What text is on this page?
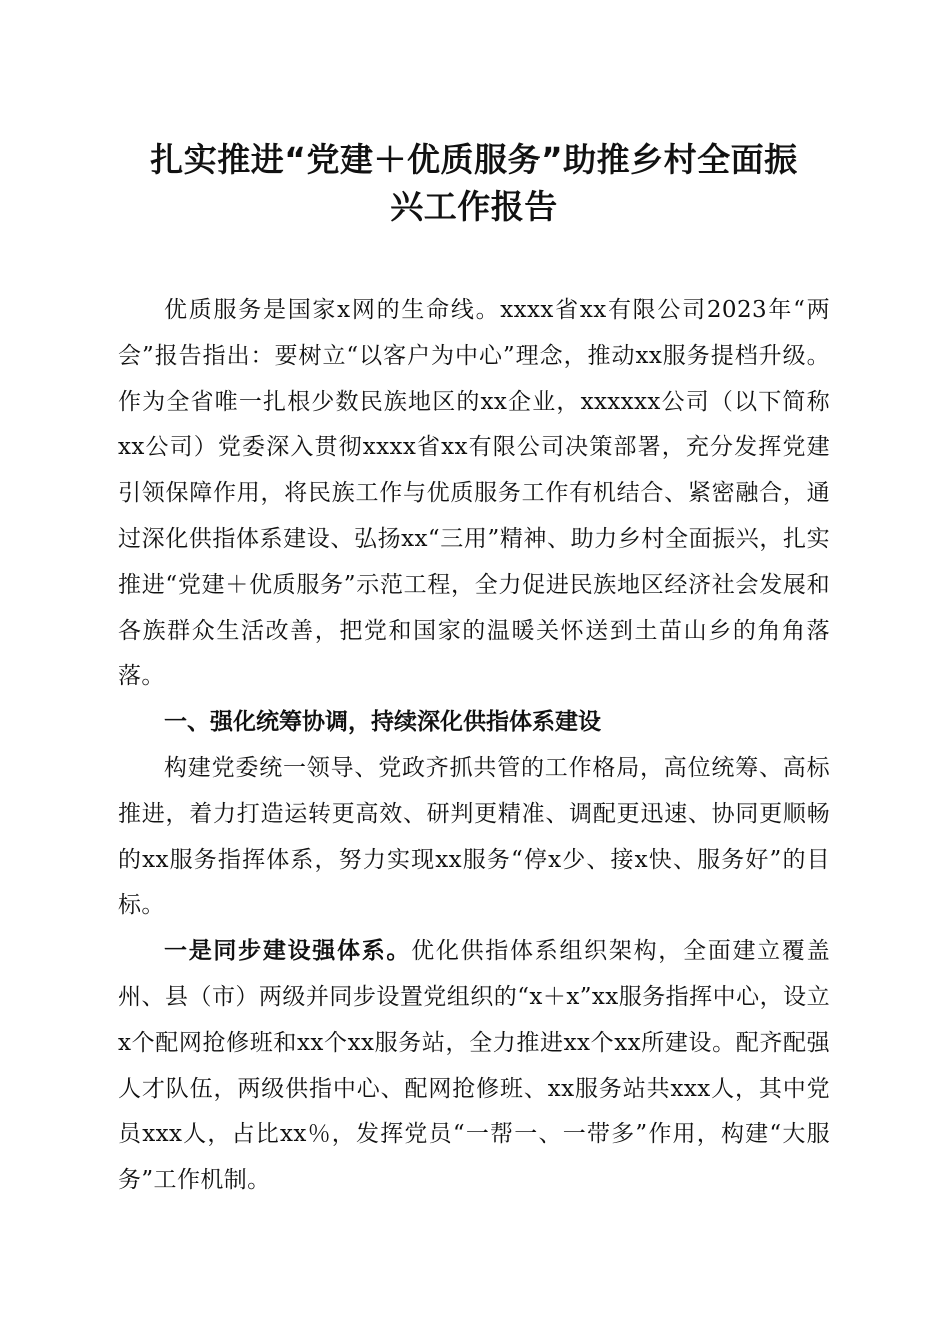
扎实推进“党建＋优质服务”助推乡村全面振
兴工作报告

优质服务是国家x网的生命线。xxxx省xx有限公司2023年“两会”报告指出：要树立“以客户为中心”理念，推动xx服务提档升级。作为全省唯一扎根少数民族地区的xx企业，xxxxxx公司（以下简称xx公司）党委深入贯彻xxxx省xx有限公司决策部署，充分发挥党建引领保障作用，将民族工作与优质服务工作有机结合、紧密融合，通过深化供指体系建设、弘扬xx“三用”精神、助力乡村全面振兴，扎实推进“党建＋优质服务”示范工程，全力促进民族地区经济社会发展和各族群众生活改善，把党和国家的温暖关怀送到土苗山乡的角角落落。

一、强化统筹协调，持续深化供指体系建设

构建党委统一领导、党政齐抓共管的工作格局，高位统筹、高标推进，着力打造运转更高效、研判更精准、调配更迅速、协同更顺畅的xx服务指挥体系，努力实现xx服务“停x少、接x快、服务好”的目标。

一是同步建设强体系。优化供指体系组织架构，全面建立覆盖州、县（市）两级并同步设置党组织的“x＋x”xx服务指挥中心，设立x个配网抢修班和xx个xx服务站，全力推进xx个xx所建设。配齐配强人才队伍，两级供指中心、配网抢修班、xx服务站共xxx人，其中党员xxx人，占比xx％，发挥党员“一帮一、一带多”作用，构建“大服务”工作机制。
